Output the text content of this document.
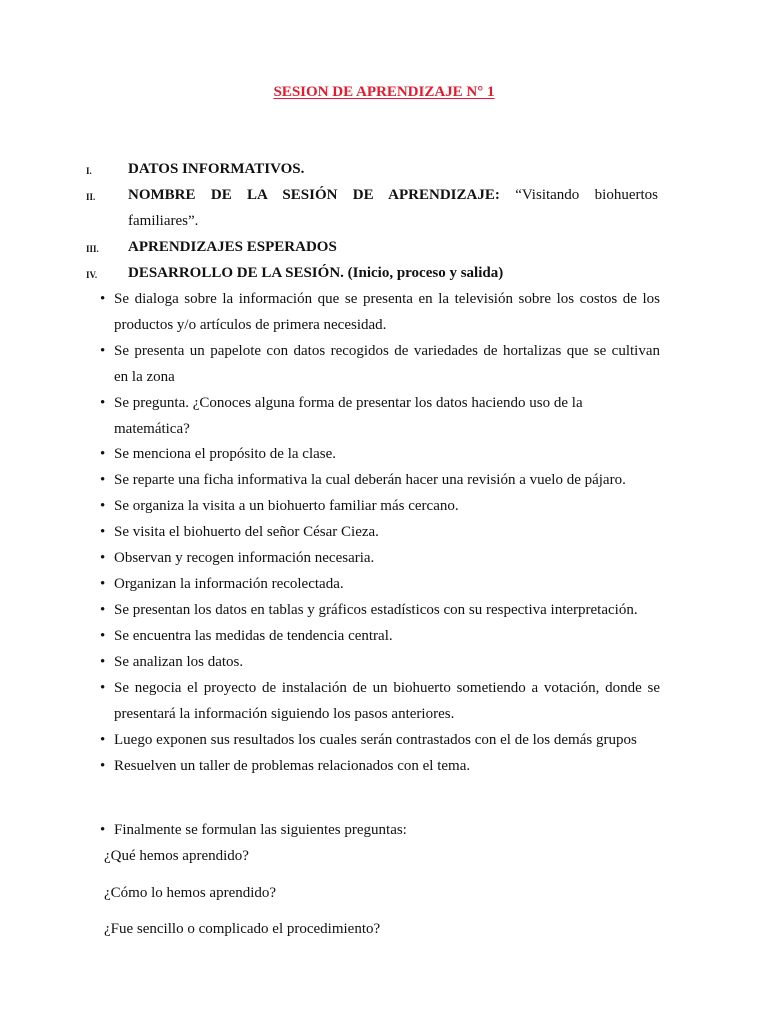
SESION DE APRENDIZAJE N° 1
I. DATOS INFORMATIVOS.
II. NOMBRE DE LA SESIÓN DE APRENDIZAJE: “Visitando biohuertos
familiares”.
III. APRENDIZAJES ESPERADOS
IV. DESARROLLO DE LA SESIÓN. (Inicio, proceso y salida)
• Se dialoga sobre la información que se presenta en la televisión sobre los costos de los
productos y/o artículos de primera necesidad.
• Se presenta un papelote con datos recogidos de variedades de hortalizas que se cultivan
en la zona
• Se pregunta. ¿Conoces alguna forma de presentar los datos haciendo uso de la
matemática?
• Se menciona el propósito de la clase.
• Se reparte una ficha informativa la cual deberán hacer una revisión a vuelo de pájaro.
• Se organiza la visita a un biohuerto familiar más cercano.
• Se visita el biohuerto del señor César Cieza.
• Observan y recogen información necesaria.
• Organizan la información recolectada.
• Se presentan los datos en tablas y gráficos estadísticos con su respectiva interpretación.
• Se encuentra las medidas de tendencia central.
• Se analizan los datos.
• Se negocia el proyecto de instalación de un biohuerto sometiendo a votación, donde se
presentará la información siguiendo los pasos anteriores.
• Luego exponen sus resultados los cuales serán contrastados con el de los demás grupos
• Resuelven un taller de problemas relacionados con el tema.
• Finalmente se formulan las siguientes preguntas:
¿Qué hemos aprendido?
¿Cómo lo hemos aprendido?
¿Fue sencillo o complicado el procedimiento?
